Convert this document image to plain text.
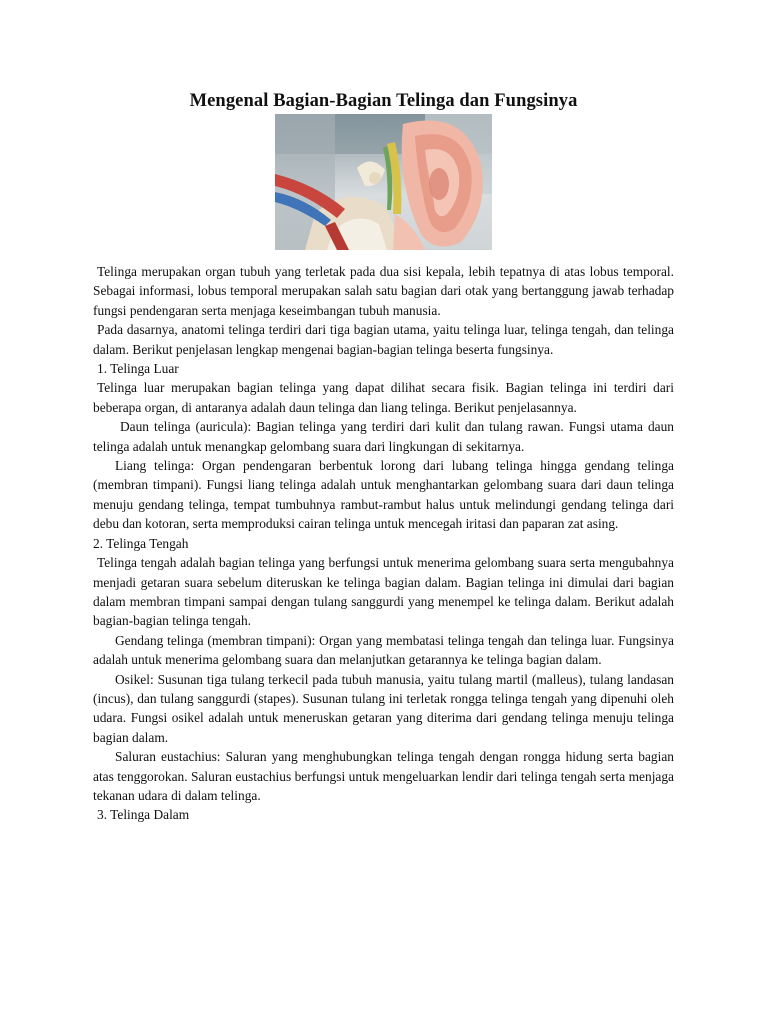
Mengenal Bagian-Bagian Telinga dan Fungsinya

Telinga merupakan organ tubuh yang terletak pada dua sisi kepala, lebih tepatnya di atas lobus temporal. Sebagai informasi, lobus temporal merupakan salah satu bagian dari otak yang bertanggung jawab terhadap fungsi pendengaran serta menjaga keseimbangan tubuh manusia.

Pada dasarnya, anatomi telinga terdiri dari tiga bagian utama, yaitu telinga luar, telinga tengah, dan telinga dalam. Berikut penjelasan lengkap mengenai bagian-bagian telinga beserta fungsinya.

1. Telinga Luar

Telinga luar merupakan bagian telinga yang dapat dilihat secara fisik. Bagian telinga ini terdiri dari beberapa organ, di antaranya adalah daun telinga dan liang telinga. Berikut penjelasannya.

Daun telinga (auricula): Bagian telinga yang terdiri dari kulit dan tulang rawan. Fungsi utama daun telinga adalah untuk menangkap gelombang suara dari lingkungan di sekitarnya.

Liang telinga: Organ pendengaran berbentuk lorong dari lubang telinga hingga gendang telinga (membran timpani). Fungsi liang telinga adalah untuk menghantarkan gelombang suara dari daun telinga menuju gendang telinga, tempat tumbuhnya rambut-rambut halus untuk melindungi gendang telinga dari debu dan kotoran, serta memproduksi cairan telinga untuk mencegah iritasi dan paparan zat asing.

2. Telinga Tengah

Telinga tengah adalah bagian telinga yang berfungsi untuk menerima gelombang suara serta mengubahnya menjadi getaran suara sebelum diteruskan ke telinga bagian dalam. Bagian telinga ini dimulai dari bagian dalam membran timpani sampai dengan tulang sanggurdi yang menempel ke telinga dalam. Berikut adalah bagian-bagian telinga tengah.

Gendang telinga (membran timpani): Organ yang membatasi telinga tengah dan telinga luar. Fungsinya adalah untuk menerima gelombang suara dan melanjutkan getarannya ke telinga bagian dalam.

Osikel: Susunan tiga tulang terkecil pada tubuh manusia, yaitu tulang martil (malleus), tulang landasan (incus), dan tulang sanggurdi (stapes). Susunan tulang ini terletak rongga telinga tengah yang dipenuhi oleh udara. Fungsi osikel adalah untuk meneruskan getaran yang diterima dari gendang telinga menuju telinga bagian dalam.

Saluran eustachius: Saluran yang menghubungkan telinga tengah dengan rongga hidung serta bagian atas tenggorokan. Saluran eustachius berfungsi untuk mengeluarkan lendir dari telinga tengah serta menjaga tekanan udara di dalam telinga.

3. Telinga Dalam
